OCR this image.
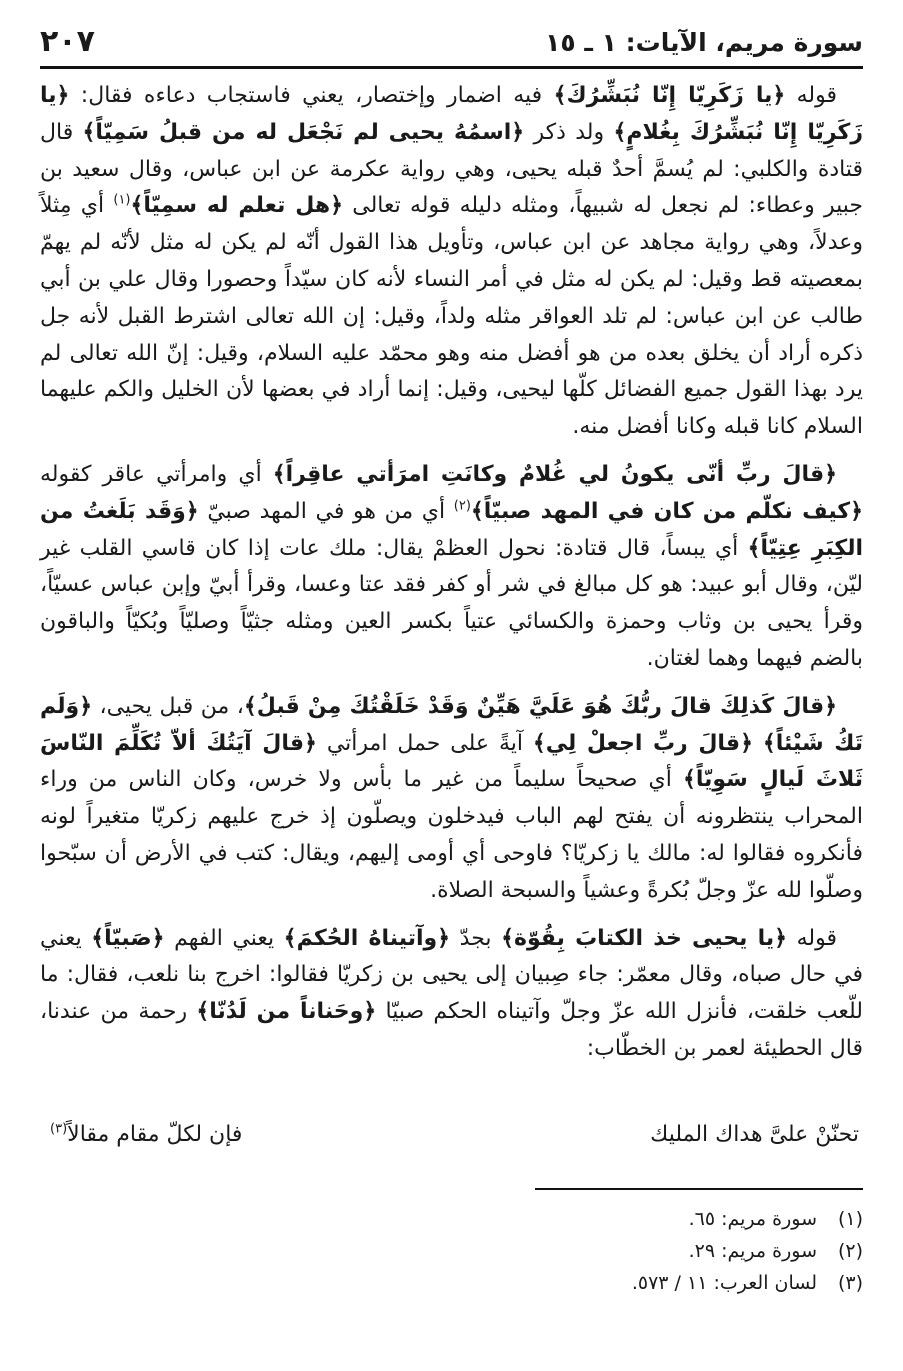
سورة مريم، الآيات: ١ ـ ١٥
٢٠٧

قوله ﴿يا زَكَرِيّا إِنّا نُبَشِّرُكَ﴾ فيه اضمار وإختصار، يعني فاستجاب دعاءه فقال: ﴿يا زَكَرِيّا إِنّا نُبَشِّرُكَ بِغُلامٍ﴾ ولد ذكر ﴿اسمُهُ يحيى لم نَجْعَل له من قبلُ سَمِيّاً﴾ قال قتادة والكلبي: لم يُسمَّ أحدٌ قبله يحيى، وهي رواية عكرمة عن ابن عباس، وقال سعيد بن جبير وعطاء: لم نجعل له شبيهاً، ومثله دليله قوله تعالى ﴿هل تعلم له سمِيّاً﴾$^{(١)}$ أي مِثلاً وعدلاً، وهي رواية مجاهد عن ابن عباس، وتأويل هذا القول أنّه لم يكن له مثل لأنّه لم يهمّ بمعصيته قط وقيل: لم يكن له مثل في أمر النساء لأنه كان سيّداً وحصورا وقال علي بن أبي طالب عن ابن عباس: لم تلد العواقر مثله ولداً، وقيل: إن الله تعالى اشترط القبل لأنه جل ذكره أراد أن يخلق بعده من هو أفضل منه وهو محمّد عليه السلام، وقيل: إنّ الله تعالى لم يرد بهذا القول جميع الفضائل كلّها ليحيى، وقيل: إنما أراد في بعضها لأن الخليل والكم عليهما السلام كانا قبله وكانا أفضل منه.

﴿قالَ ربِّ أنّى يكونُ لي غُلامٌ وكانَتِ امرَأتي عاقِراً﴾ أي وامرأتي عاقر كقوله ﴿كيف نكلّم من كان في المهد صبيّاً﴾$^{(٢)}$ أي من هو في المهد صبيّ ﴿وَقَد بَلَغتُ من الكِبَرِ عِتِيّاً﴾ أي يبساً، قال قتادة: نحول العظمْ يقال: ملك عات إذا كان قاسي القلب غير ليّن، وقال أبو عبيد: هو كل مبالغ في شر أو كفر فقد عتا وعسا، وقرأ أبيّ وإبن عباس عسيّاً، وقرأ يحيى بن وثاب وحمزة والكسائي عتياً بكسر العين ومثله جثيّاً وصليّاً وبُكيّاً والباقون بالضم فيهما وهما لغتان.

﴿قالَ كَذلِكَ قالَ ربُّكَ هُوَ عَلَيَّ هَيِّنٌ وَقَدْ خَلَقْتُكَ مِنْ قَبلُ﴾، من قبل يحيى، ﴿وَلَم تَكُ شَيْئاً﴾ ﴿قالَ ربِّ اجعلْ لِي﴾ آيةً على حمل امرأتي ﴿قالَ آيَتُكَ ألاّ تُكَلِّمَ النّاسَ ثَلاثَ لَيالٍ سَوِيّاً﴾ أي صحيحاً سليماً من غير ما بأس ولا خرس، وكان الناس من وراء المحراب ينتظرونه أن يفتح لهم الباب فيدخلون ويصلّون إذ خرج عليهم زكريّا متغيراً لونه فأنكروه فقالوا له: مالك يا زكريّا؟ فاوحى أي أومى إليهم، ويقال: كتب في الأرض أن سبّحوا وصلّوا لله عزّ وجلّ بُكرةً وعشياً والسبحة الصلاة.

قوله ﴿يا يحيى خذ الكتابَ بِقُوّة﴾ بجدّ ﴿وآتيناهُ الحُكمَ﴾ يعني الفهم ﴿صَبيّاً﴾ يعني في حال صباه، وقال معمّر: جاء صِبيان إلى يحيى بن زكريّا فقالوا: اخرج بنا نلعب، فقال: ما للّعب خلقت، فأنزل الله عزّ وجلّ وآتيناه الحكم صبيّا ﴿وحَناناً من لَدُنّا﴾ رحمة من عندنا، قال الحطيئة لعمر بن الخطّاب:

تحنّنْ علىَّ هداك المليك
فإن لكلّ مقام مقالاً$^{(٣)}$
(١)سورة مريم: ٦٥.
(٢)سورة مريم: ٢٩.
(٣)لسان العرب: ١١ / ٥٧٣.
